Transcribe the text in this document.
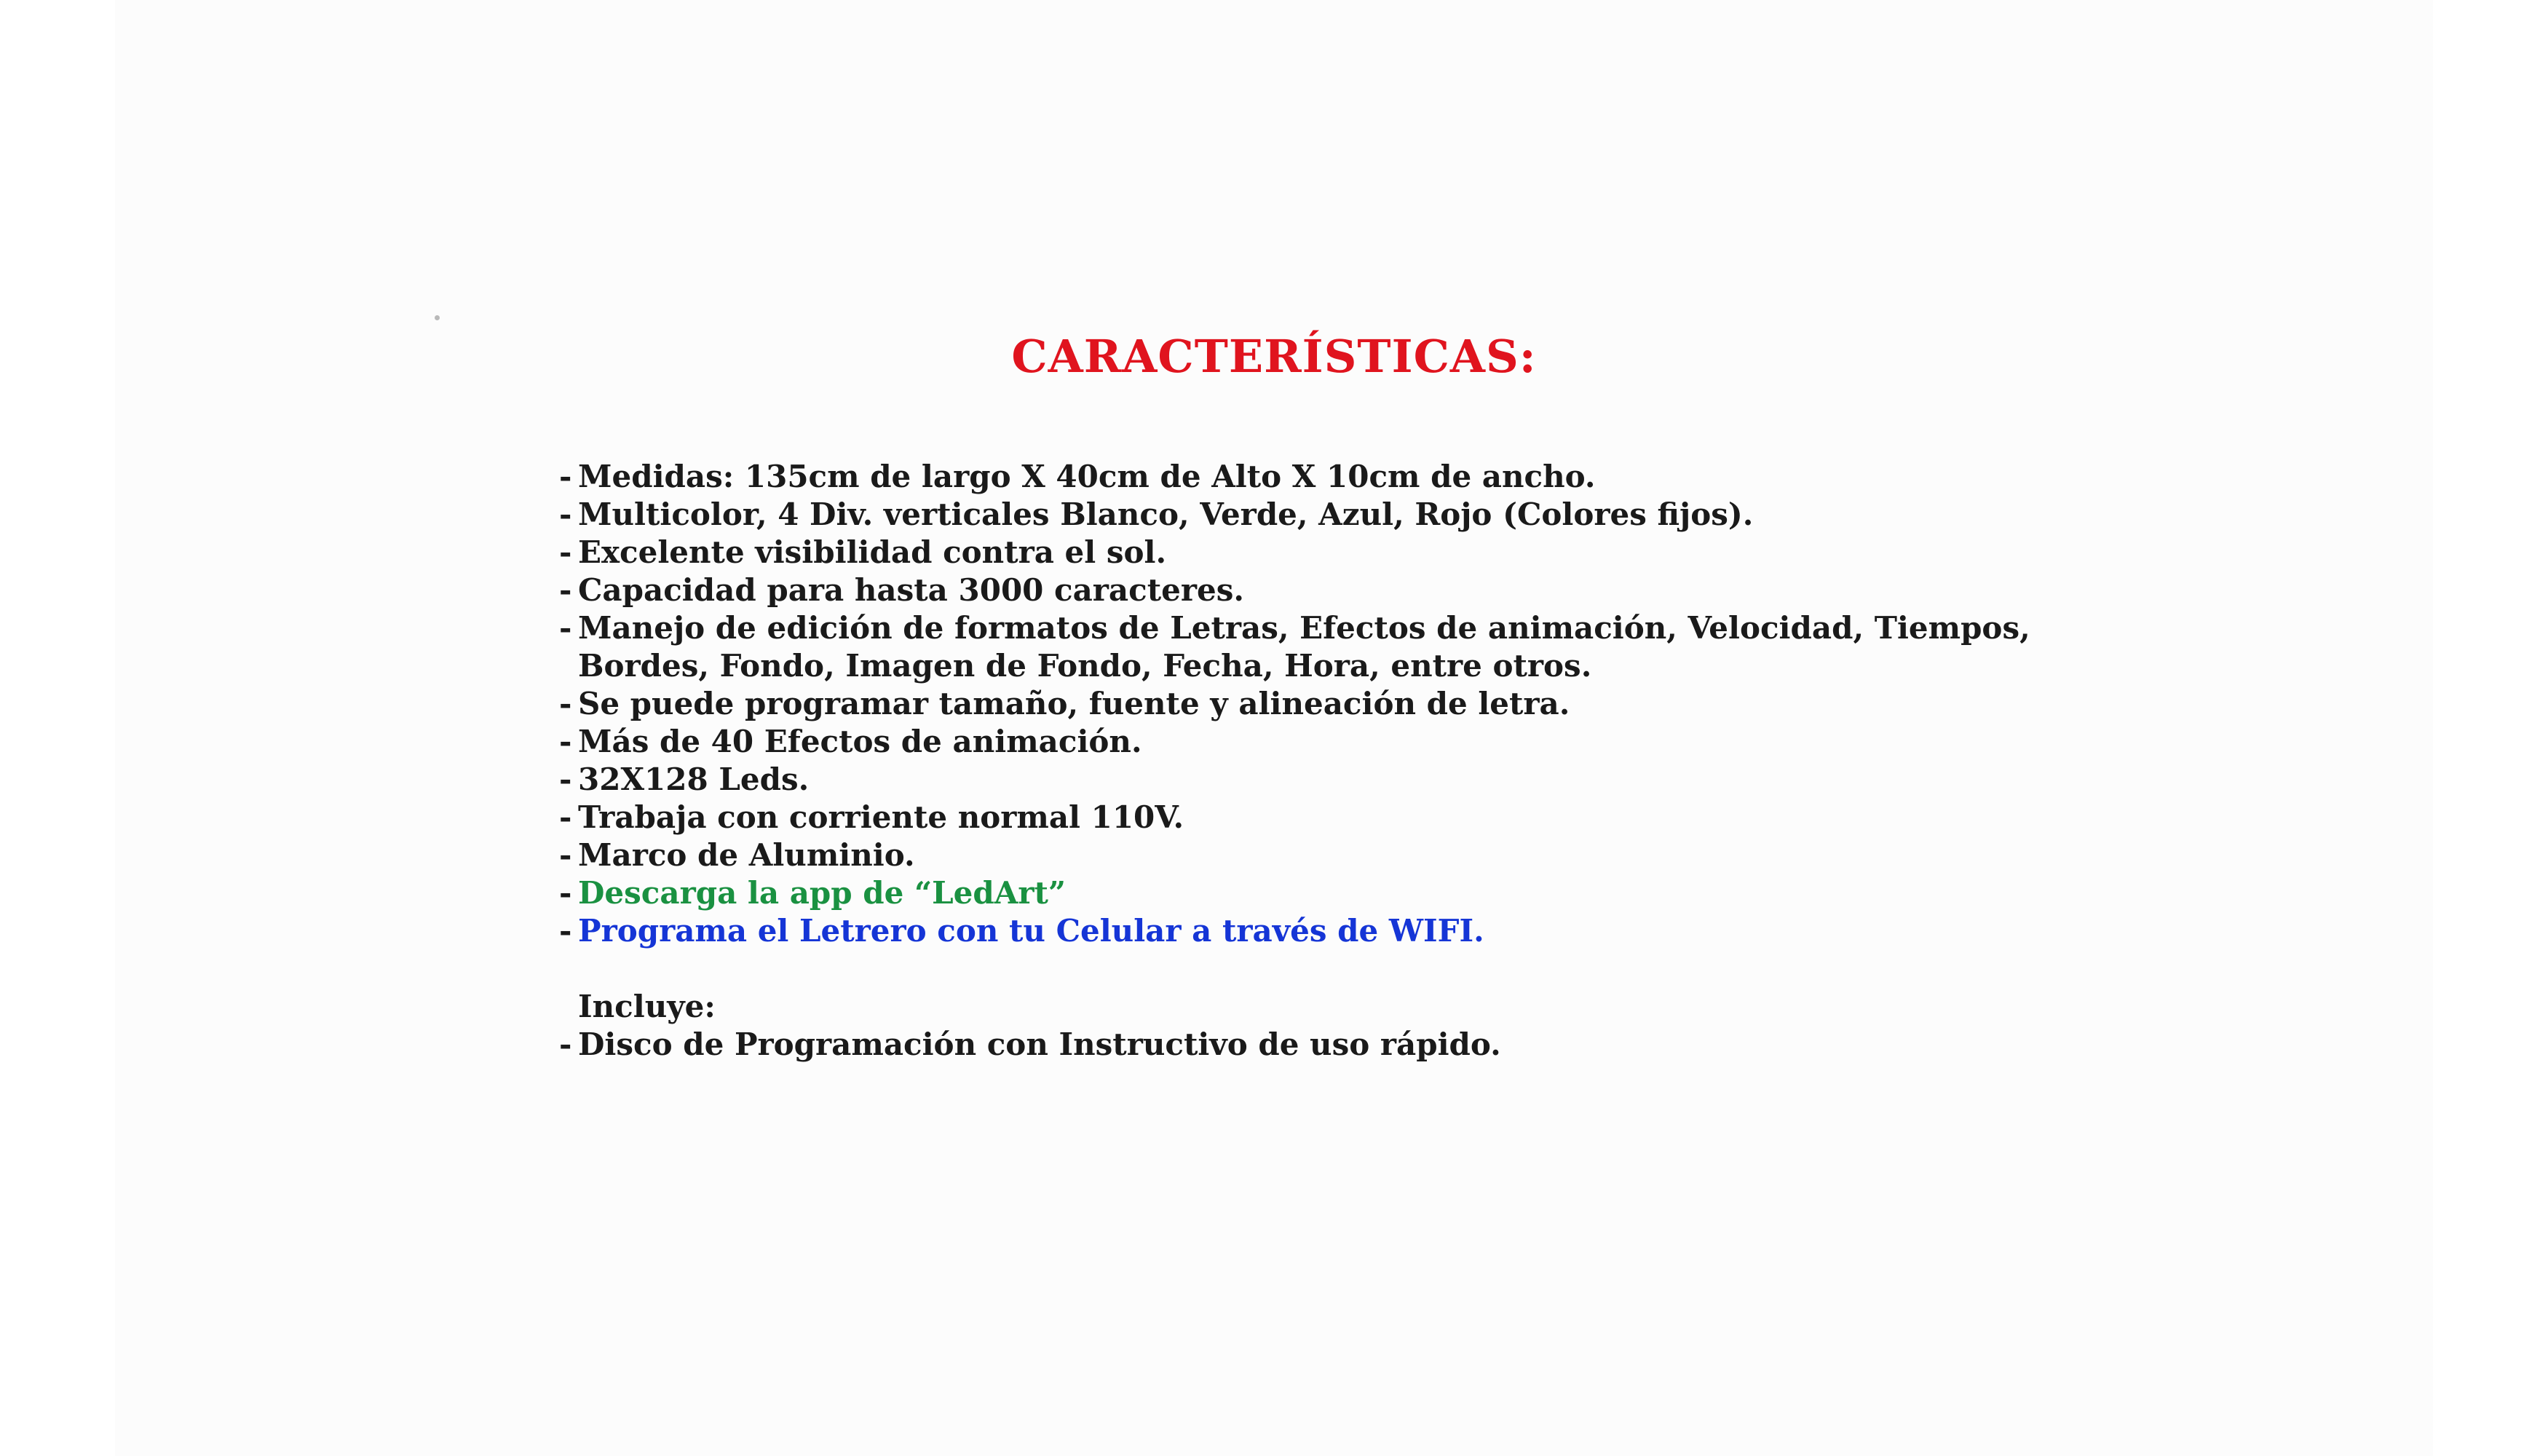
CARACTERÍSTICAS:
- Medidas: 135cm de largo X 40cm de Alto X 10cm de ancho.
- Multicolor, 4 Div. verticales Blanco, Verde, Azul, Rojo (Colores fijos).
- Excelente visibilidad contra el sol.
- Capacidad para hasta 3000 caracteres.
- Manejo de edición de formatos de Letras, Efectos de animación, Velocidad, Tiempos,
Bordes, Fondo, Imagen de Fondo, Fecha, Hora, entre otros.
- Se puede programar tamaño, fuente y alineación de letra.
- Más de 40 Efectos de animación.
- 32X128 Leds.
- Trabaja con corriente normal 110V.
- Marco de Aluminio.
- Descarga la app de “LedArt”
- Programa el Letrero con tu Celular a través de WIFI.
Incluye:
- Disco de Programación con Instructivo de uso rápido.
